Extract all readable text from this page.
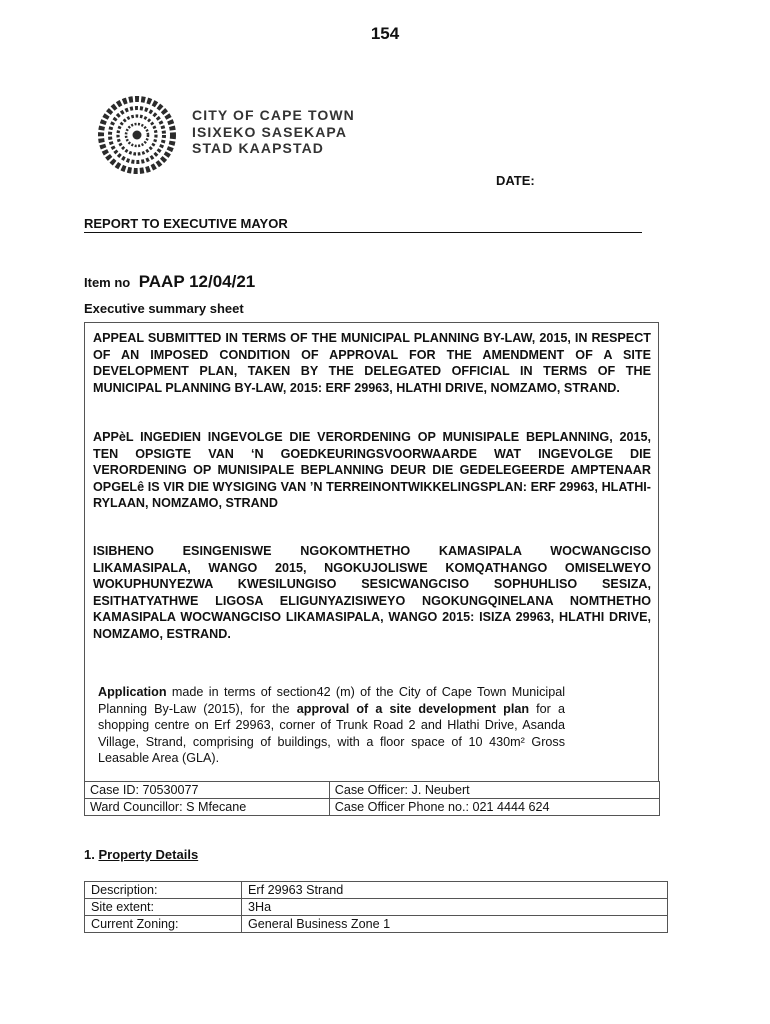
154
CITY OF CAPE TOWN
ISIXEKO SASEKAPA
STAD KAAPSTAD
DATE:
REPORT TO EXECUTIVE MAYOR
Item no PAAP 12/04/21
Executive summary sheet
APPEAL SUBMITTED IN TERMS OF THE MUNICIPAL PLANNING BY-LAW, 2015, IN RESPECT OF AN IMPOSED CONDITION OF APPROVAL FOR THE AMENDMENT OF A SITE DEVELOPMENT PLAN, TAKEN BY THE DELEGATED OFFICIAL IN TERMS OF THE MUNICIPAL PLANNING BY-LAW, 2015: ERF 29963, HLATHI DRIVE, NOMZAMO, STRAND.
APPèL INGEDIEN INGEVOLGE DIE VERORDENING OP MUNISIPALE BEPLANNING, 2015, TEN OPSIGTE VAN ‘N GOEDKEURINGSVOORWAARDE WAT INGEVOLGE DIE VERORDENING OP MUNISIPALE BEPLANNING DEUR DIE GEDELEGEERDE AMPTENAAR OPGELê IS VIR DIE WYSIGING VAN ’N TERREINONTWIKKELINGSPLAN: ERF 29963, HLATHI-RYLAAN, NOMZAMO, STRAND
ISIBHENO ESINGENISWE NGOKOMTHETHO KAMASIPALA WOCWANGCISO LIKAMASIPALA, WANGO 2015, NGOKUJOLISWE KOMQATHANGO OMISELWEYO WOKUPHUNYEZWA KWESILUNGISO SESICWANGCISO SOPHUHLISO SESIZA, ESITHATYATHWE LIGOSA ELIGUNYAZISIWEYO NGOKUNGQINELANA NOMTHETHO KAMASIPALA WOCWANGCISO LIKAMASIPALA, WANGO 2015: ISIZA 29963, HLATHI DRIVE, NOMZAMO, ESTRAND.
Application made in terms of section42 (m) of the City of Cape Town Municipal Planning By-Law (2015), for the approval of a site development plan for a shopping centre on Erf 29963, corner of Trunk Road 2 and Hlathi Drive, Asanda Village, Strand, comprising of buildings, with a floor space of 10 430m² Gross Leasable Area (GLA).
Case ID: 70530077	Case Officer: J. Neubert
Ward Councillor: S Mfecane	Case Officer Phone no.: 021 4444 624
1. Property Details
Description:	Erf 29963 Strand
Site extent:	3Ha
Current Zoning:	General Business Zone 1
